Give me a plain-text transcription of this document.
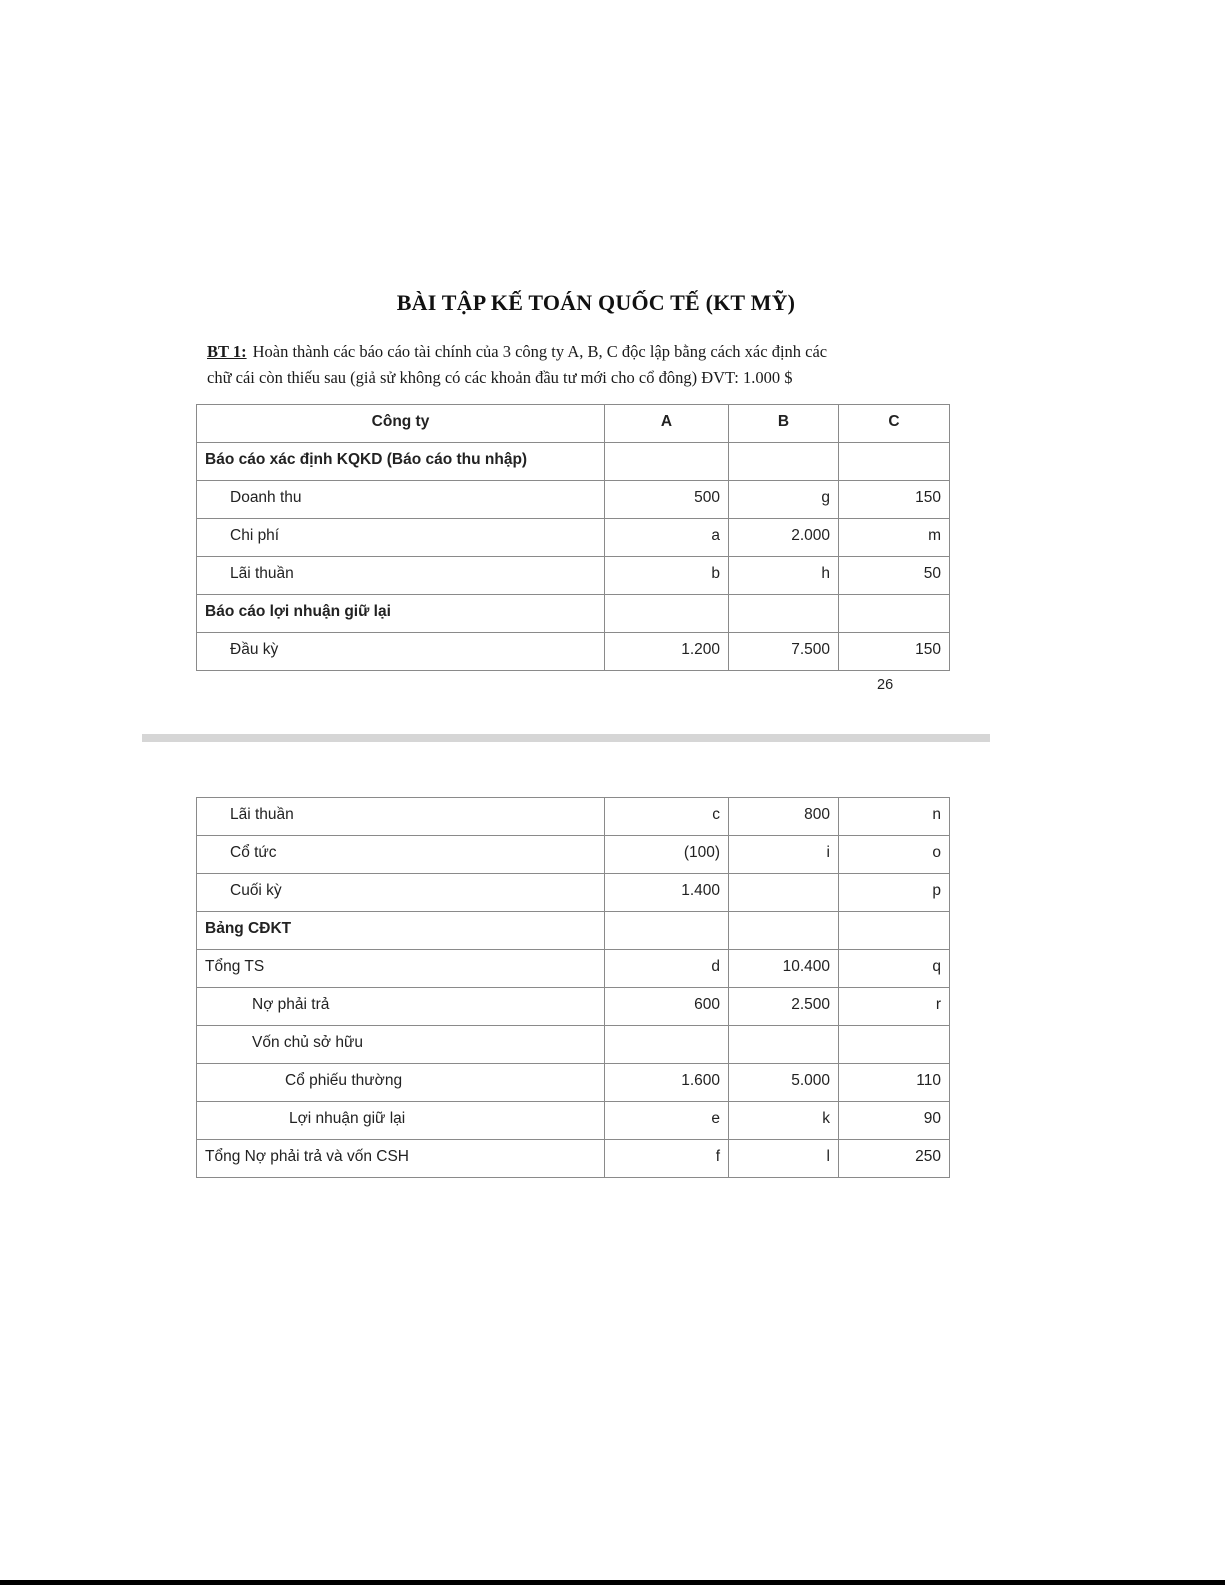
BÀI TẬP KẾ TOÁN QUỐC TẾ (KT MỸ)
BT 1: Hoàn thành các báo cáo tài chính của 3 công ty A, B, C độc lập bằng cách xác định các
chữ cái còn thiếu sau (giả sử không có các khoản đầu tư mới cho cổ đông) ĐVT: 1.000 $
Công ty	A	B	C
Báo cáo xác định KQKD (Báo cáo thu nhập)			
Doanh thu	500	g	150
Chi phí	a	2.000	m
Lãi thuần	b	h	50
Báo cáo lợi nhuận giữ lại			
Đầu kỳ	1.200	7.500	150
26
Lãi thuần	c	800	n
Cổ tức	(100)	i	o
Cuối kỳ	1.400		p
Bảng CĐKT			
Tổng TS	d	10.400	q
Nợ phải trả	600	2.500	r
Vốn chủ sở hữu			
Cổ phiếu thường	1.600	5.000	110
Lợi nhuận giữ lại	e	k	90
Tổng Nợ phải trả và vốn CSH	f	l	250
